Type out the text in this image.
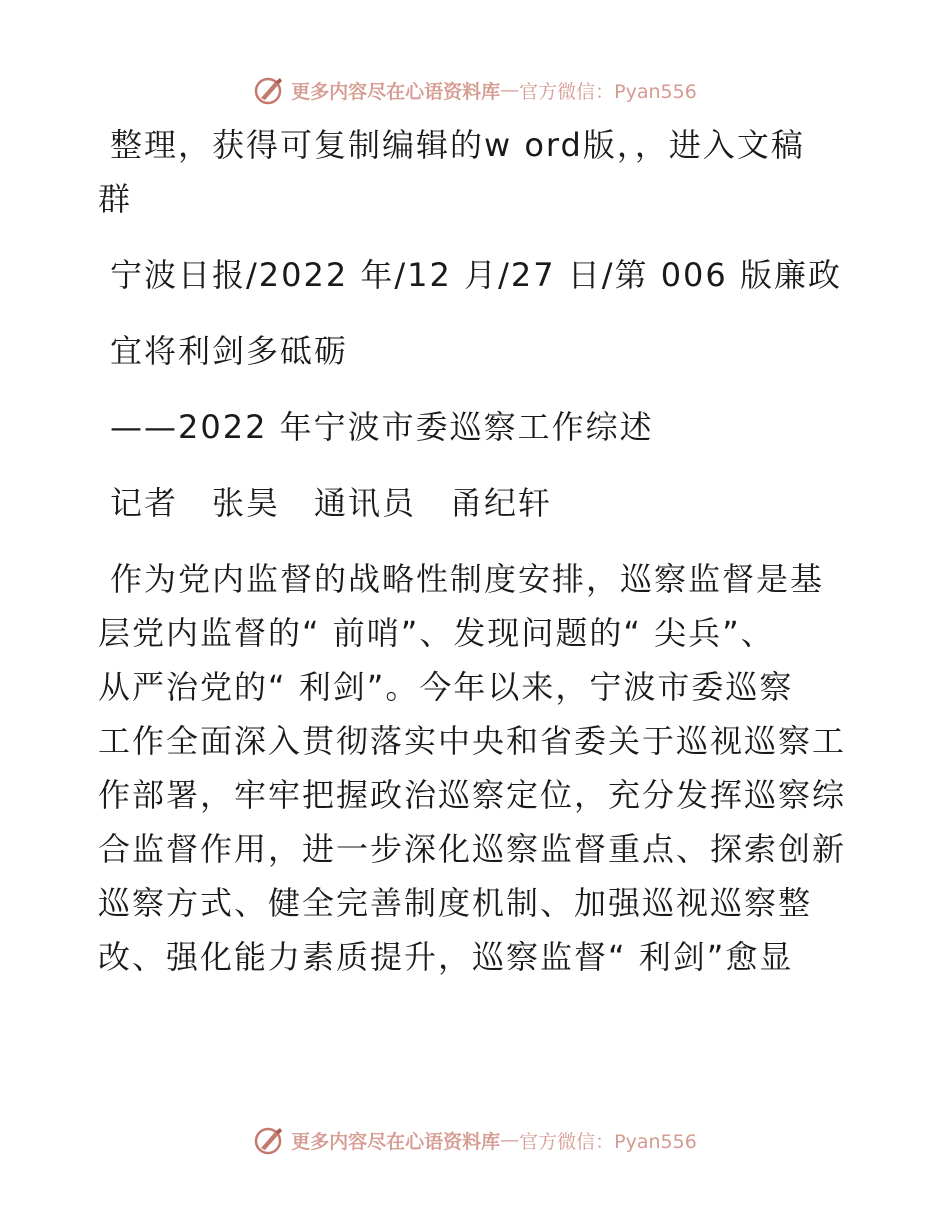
更多内容尽在心语资料库 — 官方微信：Pyan556

整理，获得可复制编辑的w ord版，，进入文稿

群

宁波日报/2022 年/12 月/27 日/第 006 版廉政

宜将利剑多砥砺

——2022 年宁波市委巡察工作综述

记者　张昊　通讯员　甬纪轩

作为党内监督的战略性制度安排，巡察监督是基

层党内监督的“ 前哨”、发现问题的“ 尖兵”、

从严治党的“ 利剑”。今年以来，宁波市委巡察

工作全面深入贯彻落实中央和省委关于巡视巡察工

作部署，牢牢把握政治巡察定位，充分发挥巡察综

合监督作用，进一步深化巡察监督重点、探索创新

巡察方式、健全完善制度机制、加强巡视巡察整

改、强化能力素质提升，巡察监督“ 利剑”愈显

更多内容尽在心语资料库 — 官方微信：Pyan556
